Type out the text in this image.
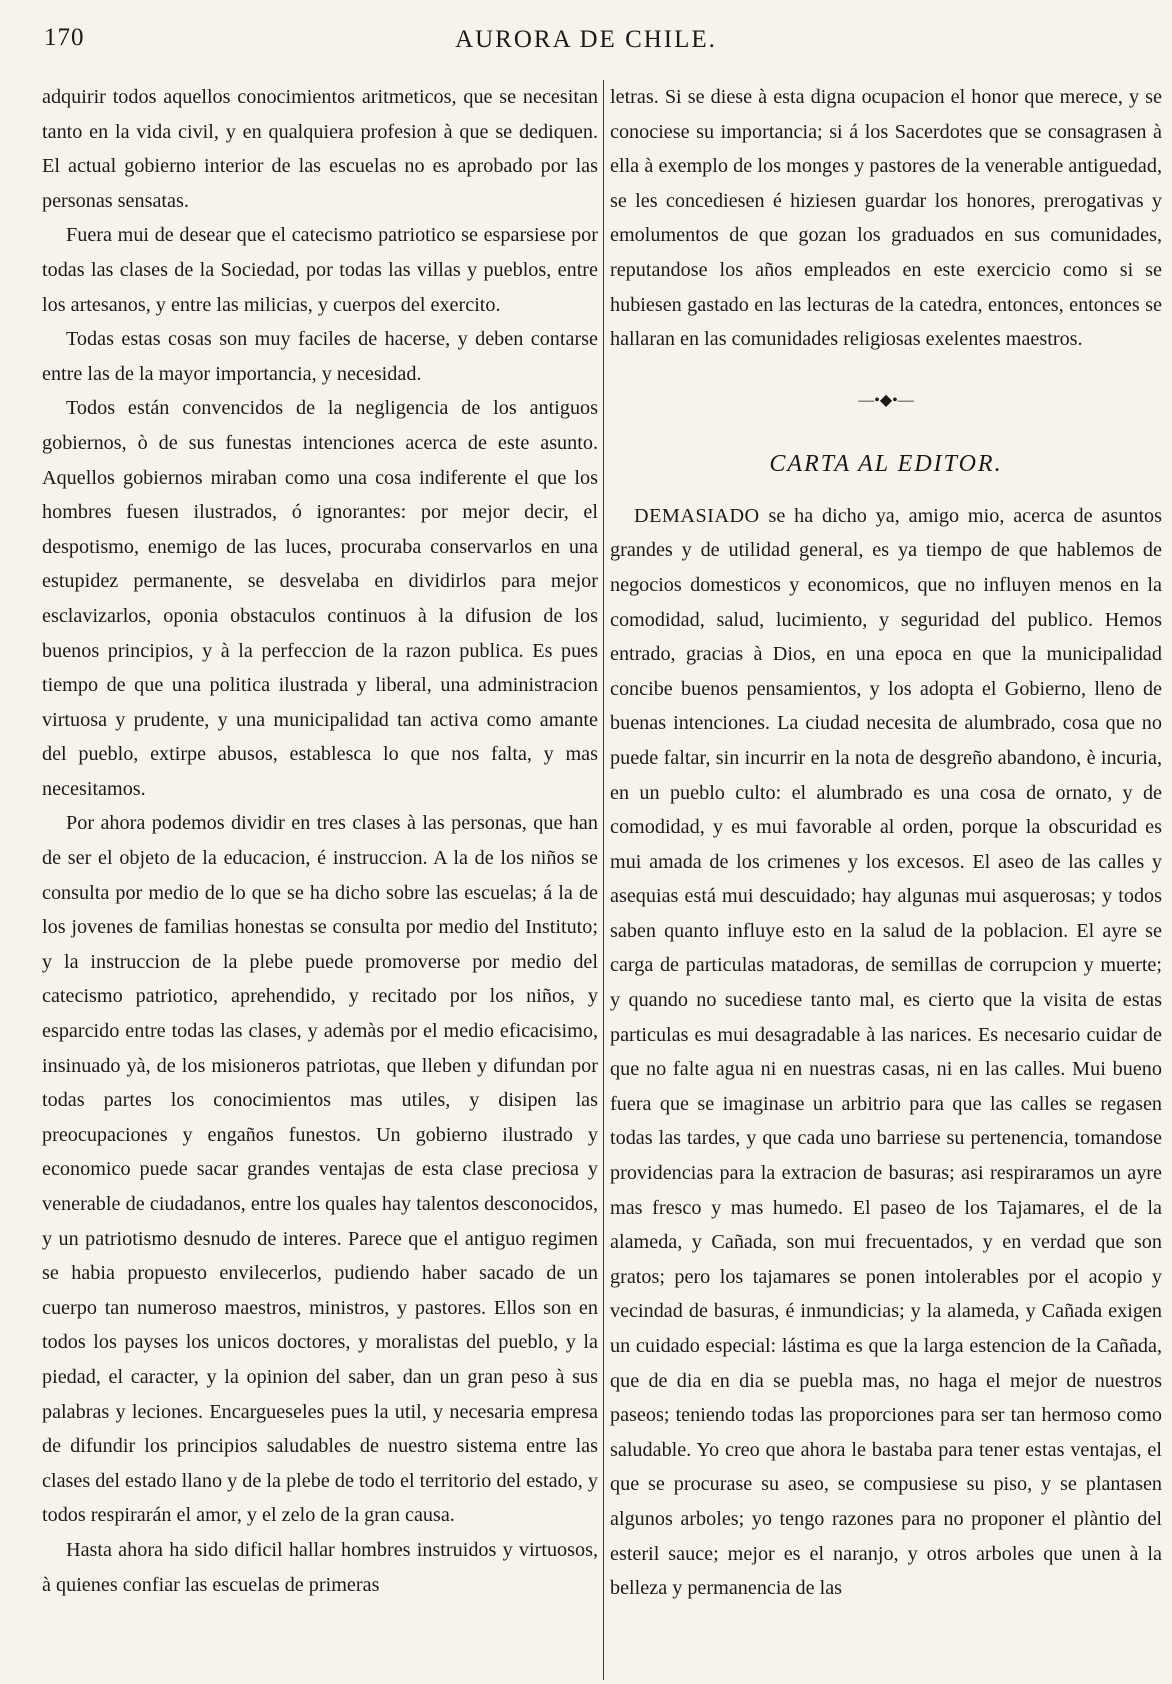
170	AURORA DE CHILE.

adquirir todos aquellos conocimientos aritmeticos, que se necesitan tanto en la vida civil, y en qualquiera profesion à que se dediquen. El actual gobierno interior de las escuelas no es aprobado por las personas sensatas.

Fuera mui de desear que el catecismo patriotico se esparsiese por todas las clases de la Sociedad, por todas las villas y pueblos, entre los artesanos, y entre las milicias, y cuerpos del exercito.

Todas estas cosas son muy faciles de hacerse, y deben contarse entre las de la mayor importancia, y necesidad.

Todos están convencidos de la negligencia de los antiguos gobiernos, ò de sus funestas intenciones acerca de este asunto. Aquellos gobiernos miraban como una cosa indiferente el que los hombres fuesen ilustrados, ó ignorantes: por mejor decir, el despotismo, enemigo de las luces, procuraba conservarlos en una estupidez permanente, se desvelaba en dividirlos para mejor esclavizarlos, oponia obstaculos continuos à la difusion de los buenos principios, y à la perfeccion de la razon publica. Es pues tiempo de que una politica ilustrada y liberal, una administracion virtuosa y prudente, y una municipalidad tan activa como amante del pueblo, extirpe abusos, establesca lo que nos falta, y mas necesitamos.

Por ahora podemos dividir en tres clases à las personas, que han de ser el objeto de la educacion, é instruccion. A la de los niños se consulta por medio de lo que se ha dicho sobre las escuelas; á la de los jovenes de familias honestas se consulta por medio del Instituto; y la instruccion de la plebe puede promoverse por medio del catecismo patriotico, aprehendido, y recitado por los niños, y esparcido entre todas las clases, y ademàs por el medio eficacisimo, insinuado yà, de los misioneros patriotas, que lleben y difundan por todas partes los conocimientos mas utiles, y disipen las preocupaciones y engaños funestos. Un gobierno ilustrado y economico puede sacar grandes ventajas de esta clase preciosa y venerable de ciudadanos, entre los quales hay talentos desconocidos, y un patriotismo desnudo de interes. Parece que el antiguo regimen se habia propuesto envilecerlos, pudiendo haber sacado de un cuerpo tan numeroso maestros, ministros, y pastores. Ellos son en todos los payses los unicos doctores, y moralistas del pueblo, y la piedad, el caracter, y la opinion del saber, dan un gran peso à sus palabras y leciones. Encargueseles pues la util, y necesaria empresa de difundir los principios saludables de nuestro sistema entre las clases del estado llano y de la plebe de todo el territorio del estado, y todos respirarán el amor, y el zelo de la gran causa.

Hasta ahora ha sido dificil hallar hombres instruidos y virtuosos, à quienes confiar las escuelas de primeras

letras. Si se diese à esta digna ocupacion el honor que merece, y se conociese su importancia; si á los Sacerdotes que se consagrasen à ella à exemplo de los monges y pastores de la venerable antiguedad, se les concediesen é hiziesen guardar los honores, prerogativas y emolumentos de que gozan los graduados en sus comunidades, reputandose los años empleados en este exercicio como si se hubiesen gastado en las lecturas de la catedra, entonces, entonces se hallaran en las comunidades religiosas exelentes maestros.

—•◆•—
CARTA AL EDITOR.

DEMASIADO se ha dicho ya, amigo mio, acerca de asuntos grandes y de utilidad general, es ya tiempo de que hablemos de negocios domesticos y economicos, que no influyen menos en la comodidad, salud, lucimiento, y seguridad del publico. Hemos entrado, gracias à Dios, en una epoca en que la municipalidad concibe buenos pensamientos, y los adopta el Gobierno, lleno de buenas intenciones. La ciudad necesita de alumbrado, cosa que no puede faltar, sin incurrir en la nota de desgreño abandono, è incuria, en un pueblo culto: el alumbrado es una cosa de ornato, y de comodidad, y es mui favorable al orden, porque la obscuridad es mui amada de los crimenes y los excesos. El aseo de las calles y asequias está mui descuidado; hay algunas mui asquerosas; y todos saben quanto influye esto en la salud de la poblacion. El ayre se carga de particulas matadoras, de semillas de corrupcion y muerte; y quando no sucediese tanto mal, es cierto que la visita de estas particulas es mui desagradable à las narices. Es necesario cuidar de que no falte agua ni en nuestras casas, ni en las calles. Mui bueno fuera que se imaginase un arbitrio para que las calles se regasen todas las tardes, y que cada uno barriese su pertenencia, tomandose providencias para la extracion de basuras; asi respiraramos un ayre mas fresco y mas humedo. El paseo de los Tajamares, el de la alameda, y Cañada, son mui frecuentados, y en verdad que son gratos; pero los tajamares se ponen intolerables por el acopio y vecindad de basuras, é inmundicias; y la alameda, y Cañada exigen un cuidado especial: lástima es que la larga estencion de la Cañada, que de dia en dia se puebla mas, no haga el mejor de nuestros paseos; teniendo todas las proporciones para ser tan hermoso como saludable. Yo creo que ahora le bastaba para tener estas ventajas, el que se procurase su aseo, se compusiese su piso, y se plantasen algunos arboles; yo tengo razones para no proponer el plàntio del esteril sauce; mejor es el naranjo, y otros arboles que unen à la belleza y permanencia de las
